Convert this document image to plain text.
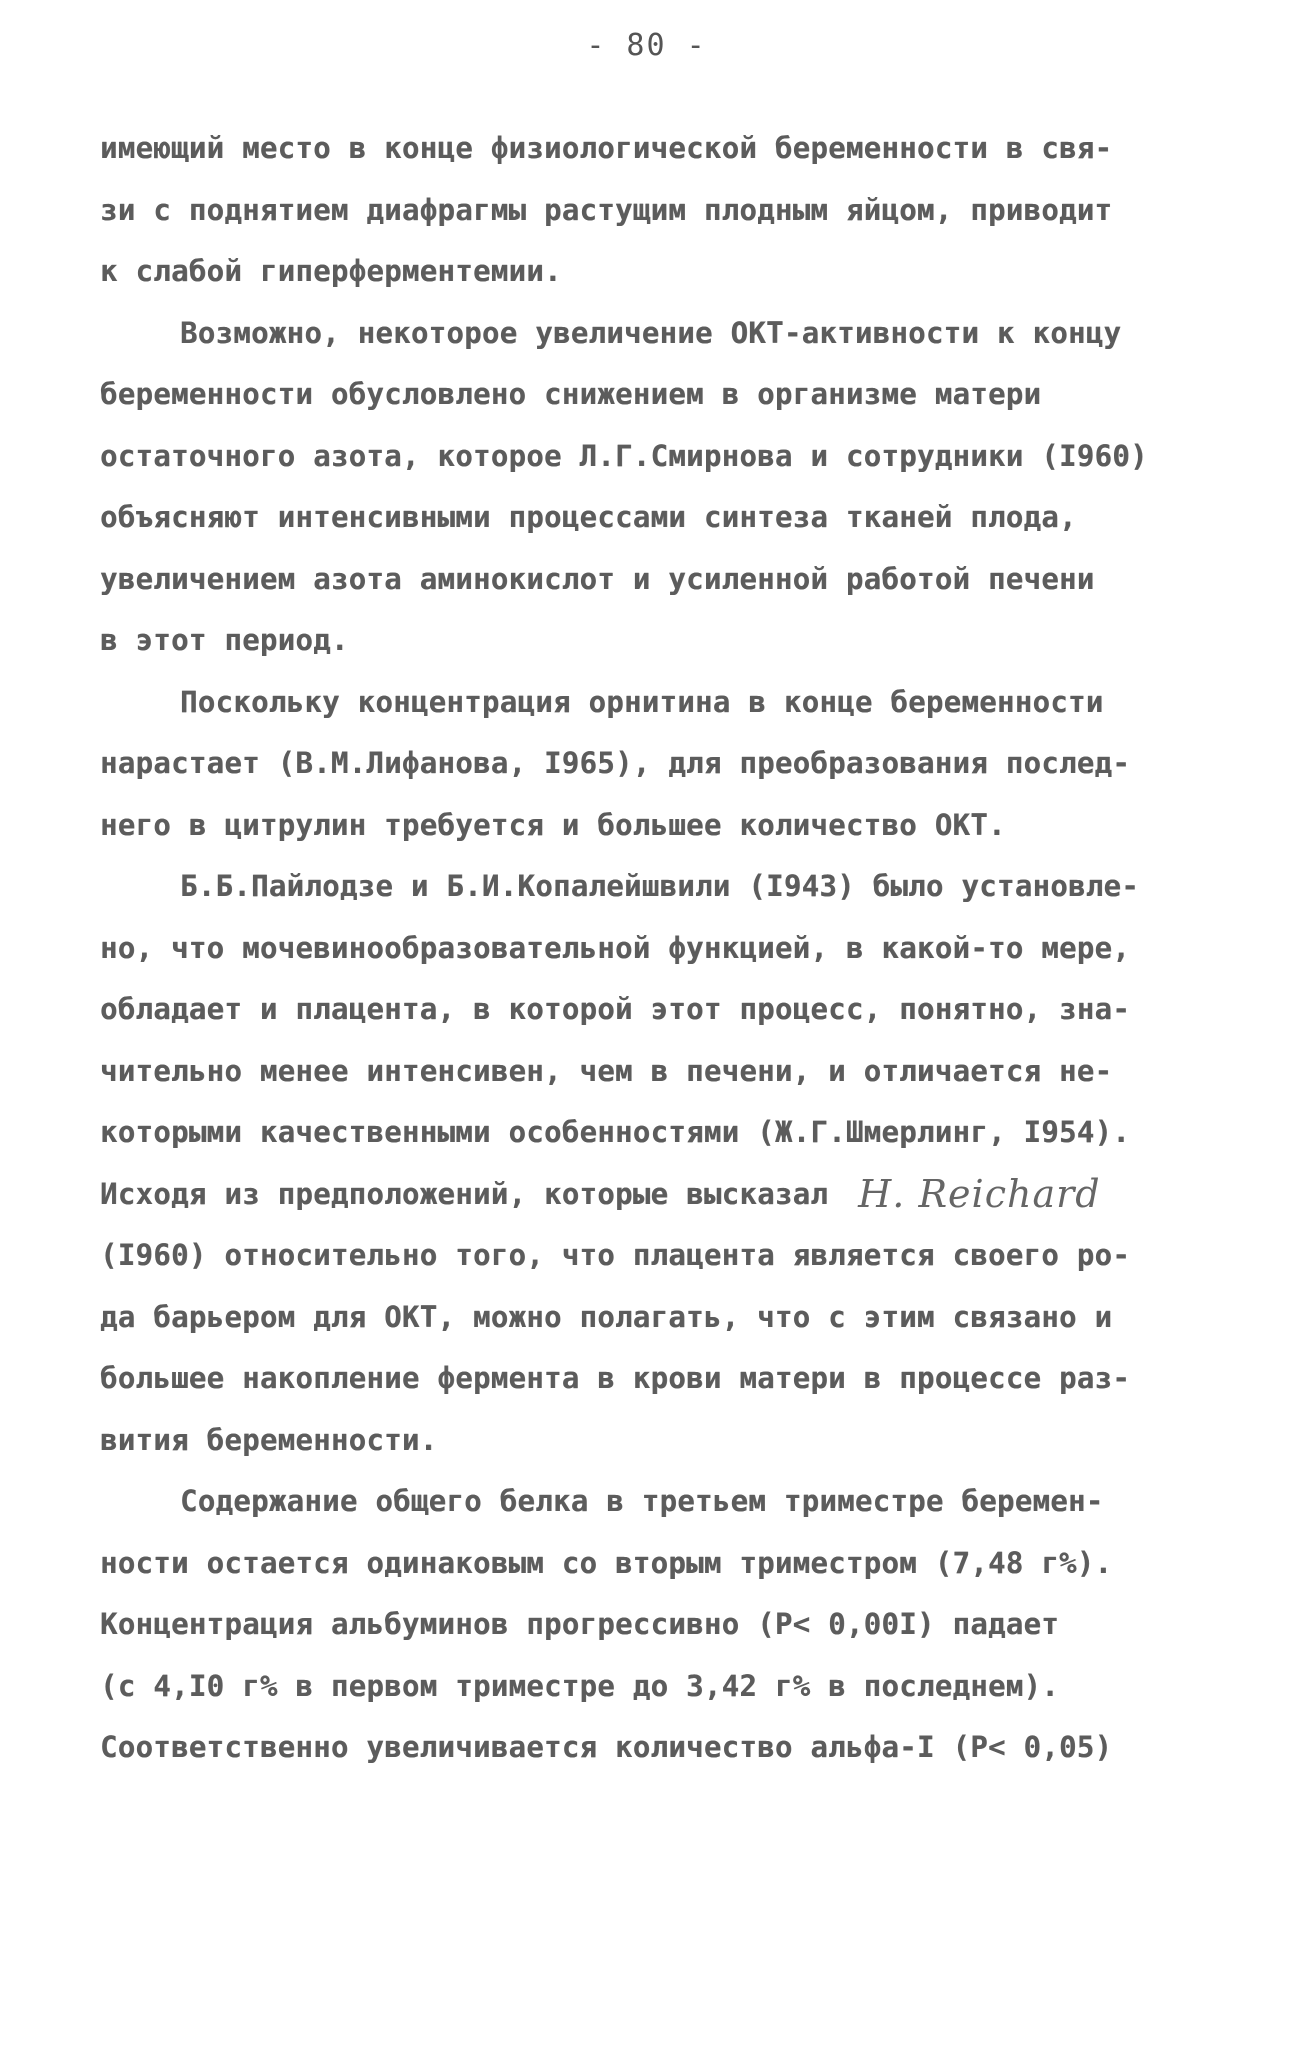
- 80 -
имеющий место в конце физиологической беременности в свя-
зи с поднятием диафрагмы растущим плодным яйцом, приводит
к слабой гиперферментемии.
Возможно, некоторое увеличение ОКТ-активности к концу
беременности обусловлено снижением в организме матери
остаточного азота, которое Л.Г.Смирнова и сотрудники (I960)
объясняют интенсивными процессами синтеза тканей плода,
увеличением азота аминокислот и усиленной работой печени
в этот период.
Поскольку концентрация орнитина в конце беременности
нарастает (В.М.Лифанова, I965), для преобразования послед-
него в цитрулин требуется и большее количество ОКТ.
Б.Б.Пайлодзе и Б.И.Копалейшвили (I943) было установле-
но, что мочевинообразовательной функцией, в какой-то мере,
обладает и плацента, в которой этот процесс, понятно, зна-
чительно менее интенсивен, чем в печени, и отличается не-
которыми качественными особенностями (Ж.Г.Шмерлинг, I954).
Исходя из предположений, которые высказал H. Reichard
(I960) относительно того, что плацента является своего ро-
да барьером для ОКТ, можно полагать, что с этим связано и
большее накопление фермента в крови матери в процессе раз-
вития беременности.
Содержание общего белка в третьем триместре беремен-
ности остается одинаковым со вторым триместром (7,48 г%).
Концентрация альбуминов прогрессивно (P< 0,00I) падает
(с 4,I0 г% в первом триместре до 3,42 г% в последнем).
Соответственно увеличивается количество альфа-I (P< 0,05)
